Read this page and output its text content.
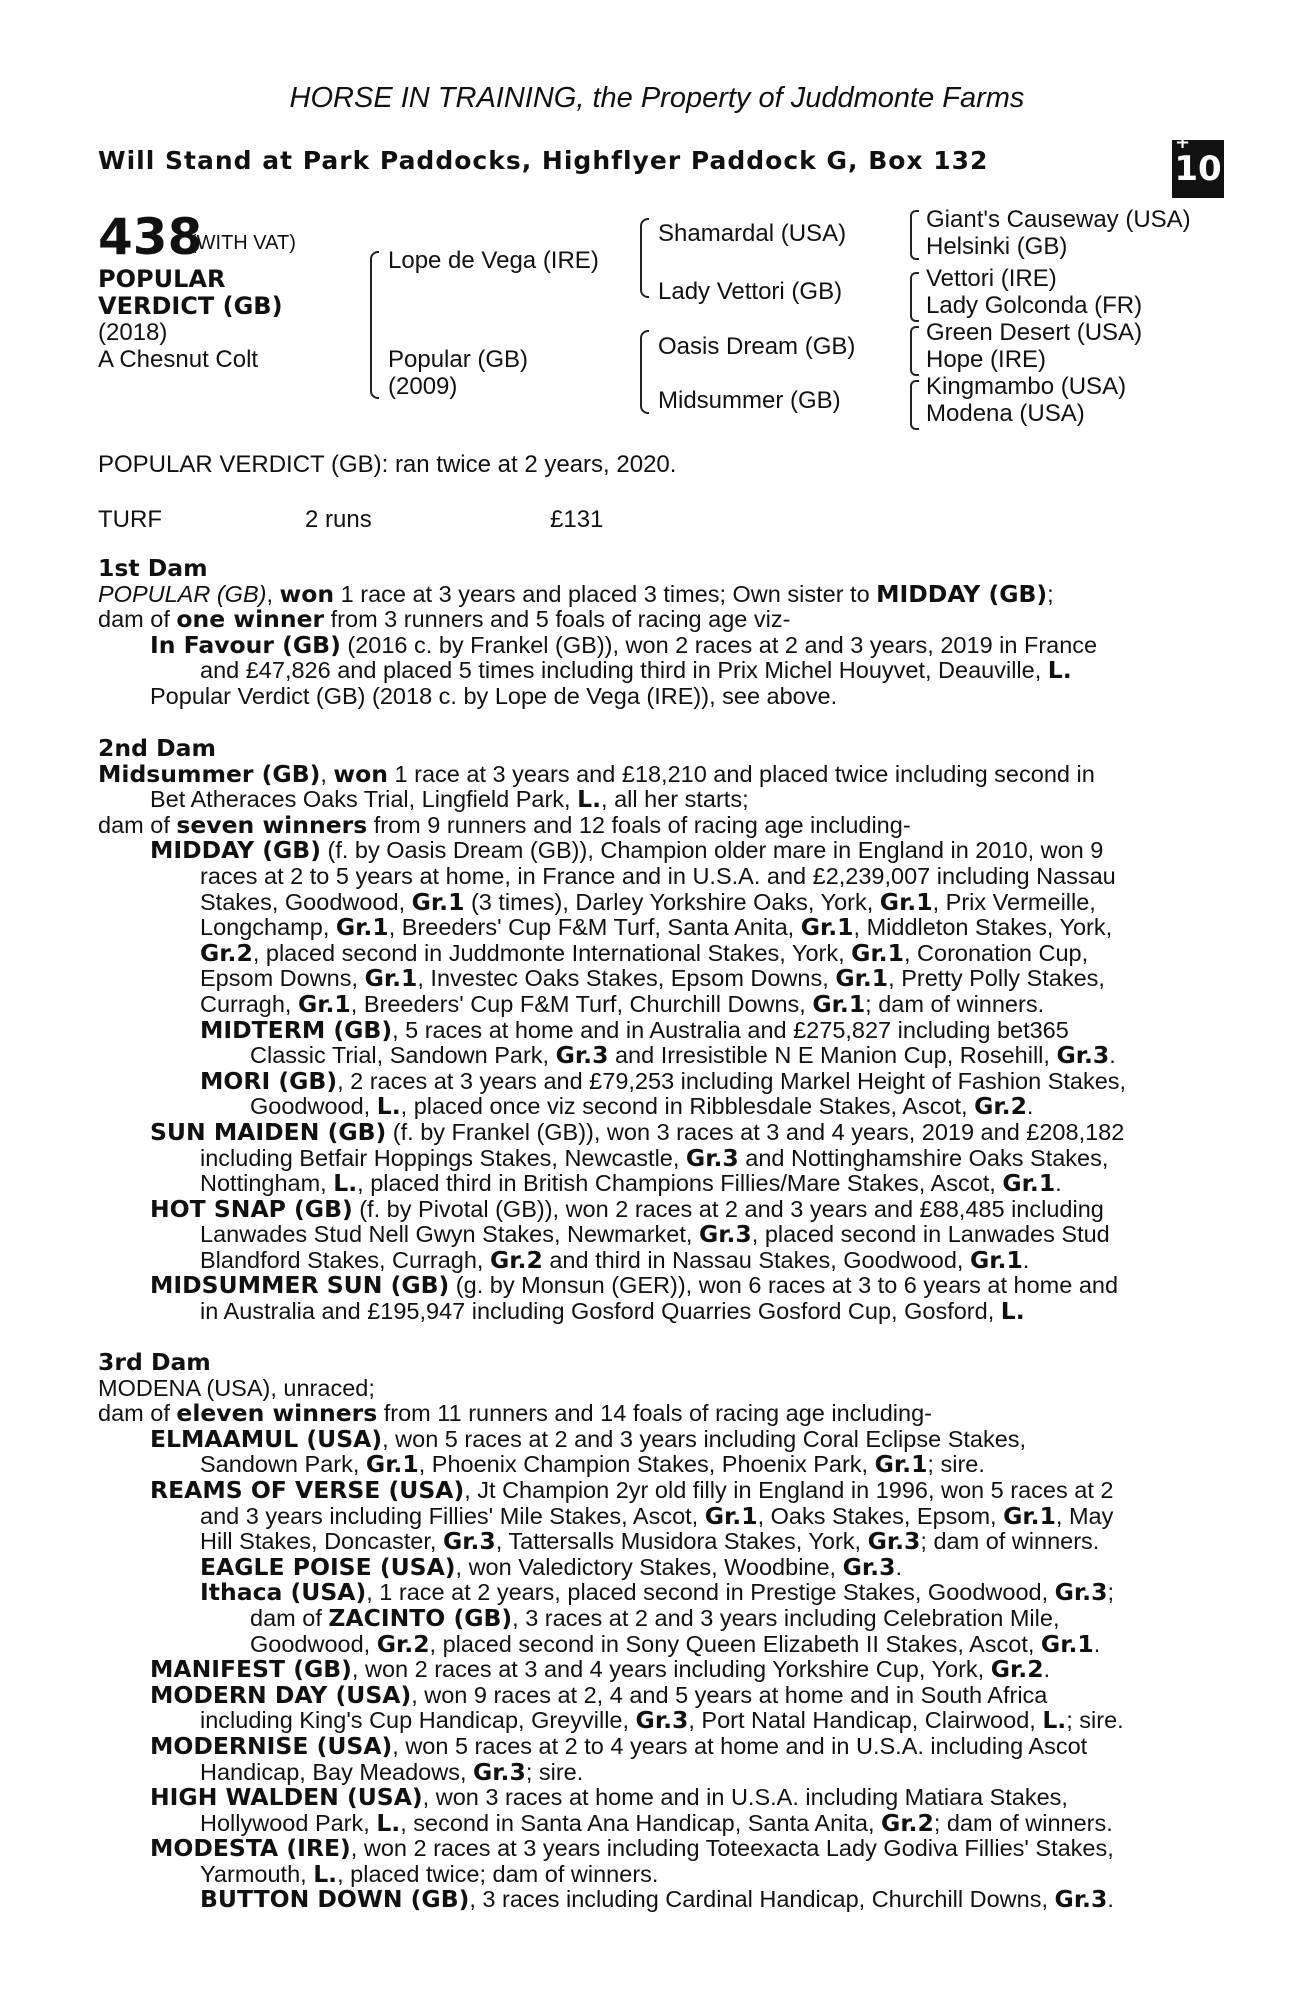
HORSE IN TRAINING, the Property of Juddmonte Farms
Will Stand at Park Paddocks, Highflyer Paddock G, Box 132
+
10
438
(WITH VAT)
POPULAR
VERDICT (GB)
(2018)
A Chesnut Colt
Lope de Vega (IRE)
Popular (GB)
(2009)
Shamardal (USA)
Lady Vettori (GB)
Oasis Dream (GB)
Midsummer (GB)
Giant's Causeway (USA)
Helsinki (GB)
Vettori (IRE)
Lady Golconda (FR)
Green Desert (USA)
Hope (IRE)
Kingmambo (USA)
Modena (USA)
POPULAR VERDICT (GB): ran twice at 2 years, 2020.
TURF	2 runs	£131
1st Dam
POPULAR (GB), won 1 race at 3 years and placed 3 times; Own sister to MIDDAY (GB);
dam of one winner from 3 runners and 5 foals of racing age viz-
In Favour (GB) (2016 c. by Frankel (GB)), won 2 races at 2 and 3 years, 2019 in France
and £47,826 and placed 5 times including third in Prix Michel Houyvet, Deauville, L.
Popular Verdict (GB) (2018 c. by Lope de Vega (IRE)), see above.
2nd Dam
Midsummer (GB), won 1 race at 3 years and £18,210 and placed twice including second in
Bet Atheraces Oaks Trial, Lingfield Park, L., all her starts;
dam of seven winners from 9 runners and 12 foals of racing age including-
MIDDAY (GB) (f. by Oasis Dream (GB)), Champion older mare in England in 2010, won 9
races at 2 to 5 years at home, in France and in U.S.A. and £2,239,007 including Nassau
Stakes, Goodwood, Gr.1 (3 times), Darley Yorkshire Oaks, York, Gr.1, Prix Vermeille,
Longchamp, Gr.1, Breeders' Cup F&M Turf, Santa Anita, Gr.1, Middleton Stakes, York,
Gr.2, placed second in Juddmonte International Stakes, York, Gr.1, Coronation Cup,
Epsom Downs, Gr.1, Investec Oaks Stakes, Epsom Downs, Gr.1, Pretty Polly Stakes,
Curragh, Gr.1, Breeders' Cup F&M Turf, Churchill Downs, Gr.1; dam of winners.
MIDTERM (GB), 5 races at home and in Australia and £275,827 including bet365
Classic Trial, Sandown Park, Gr.3 and Irresistible N E Manion Cup, Rosehill, Gr.3.
MORI (GB), 2 races at 3 years and £79,253 including Markel Height of Fashion Stakes,
Goodwood, L., placed once viz second in Ribblesdale Stakes, Ascot, Gr.2.
SUN MAIDEN (GB) (f. by Frankel (GB)), won 3 races at 3 and 4 years, 2019 and £208,182
including Betfair Hoppings Stakes, Newcastle, Gr.3 and Nottinghamshire Oaks Stakes,
Nottingham, L., placed third in British Champions Fillies/Mare Stakes, Ascot, Gr.1.
HOT SNAP (GB) (f. by Pivotal (GB)), won 2 races at 2 and 3 years and £88,485 including
Lanwades Stud Nell Gwyn Stakes, Newmarket, Gr.3, placed second in Lanwades Stud
Blandford Stakes, Curragh, Gr.2 and third in Nassau Stakes, Goodwood, Gr.1.
MIDSUMMER SUN (GB) (g. by Monsun (GER)), won 6 races at 3 to 6 years at home and
in Australia and £195,947 including Gosford Quarries Gosford Cup, Gosford, L.
3rd Dam
MODENA (USA), unraced;
dam of eleven winners from 11 runners and 14 foals of racing age including-
ELMAAMUL (USA), won 5 races at 2 and 3 years including Coral Eclipse Stakes,
Sandown Park, Gr.1, Phoenix Champion Stakes, Phoenix Park, Gr.1; sire.
REAMS OF VERSE (USA), Jt Champion 2yr old filly in England in 1996, won 5 races at 2
and 3 years including Fillies' Mile Stakes, Ascot, Gr.1, Oaks Stakes, Epsom, Gr.1, May
Hill Stakes, Doncaster, Gr.3, Tattersalls Musidora Stakes, York, Gr.3; dam of winners.
EAGLE POISE (USA), won Valedictory Stakes, Woodbine, Gr.3.
Ithaca (USA), 1 race at 2 years, placed second in Prestige Stakes, Goodwood, Gr.3;
dam of ZACINTO (GB), 3 races at 2 and 3 years including Celebration Mile,
Goodwood, Gr.2, placed second in Sony Queen Elizabeth II Stakes, Ascot, Gr.1.
MANIFEST (GB), won 2 races at 3 and 4 years including Yorkshire Cup, York, Gr.2.
MODERN DAY (USA), won 9 races at 2, 4 and 5 years at home and in South Africa
including King's Cup Handicap, Greyville, Gr.3, Port Natal Handicap, Clairwood, L.; sire.
MODERNISE (USA), won 5 races at 2 to 4 years at home and in U.S.A. including Ascot
Handicap, Bay Meadows, Gr.3; sire.
HIGH WALDEN (USA), won 3 races at home and in U.S.A. including Matiara Stakes,
Hollywood Park, L., second in Santa Ana Handicap, Santa Anita, Gr.2; dam of winners.
MODESTA (IRE), won 2 races at 3 years including Toteexacta Lady Godiva Fillies' Stakes,
Yarmouth, L., placed twice; dam of winners.
BUTTON DOWN (GB), 3 races including Cardinal Handicap, Churchill Downs, Gr.3.
